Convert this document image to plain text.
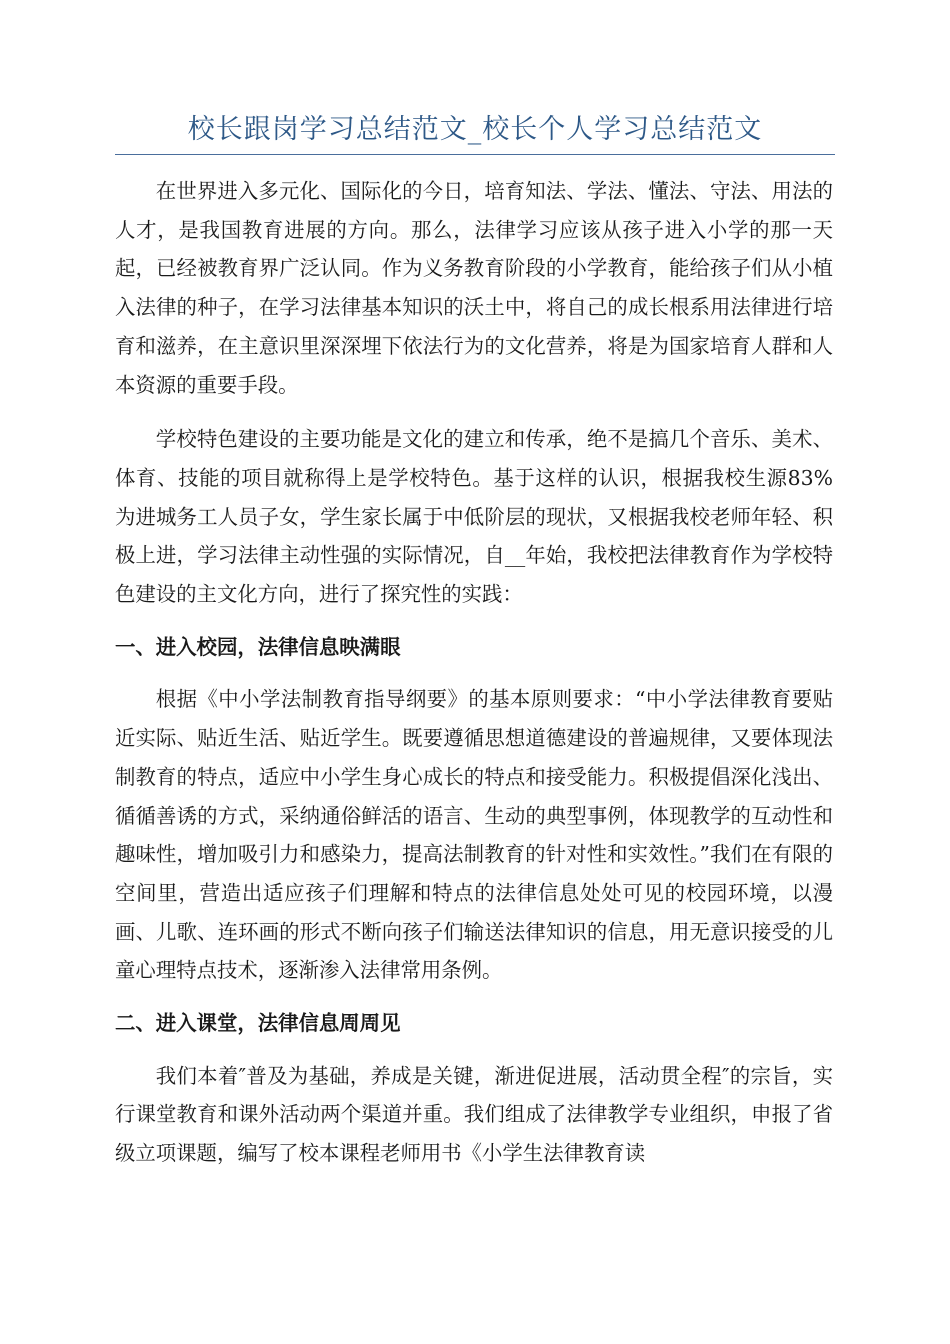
校长跟岗学习总结范文_校长个人学习总结范文

在世界进入多元化、国际化的今日，培育知法、学法、懂法、守法、用法的人才，是我国教育进展的方向。那么，法律学习应该从孩子进入小学的那一天起，已经被教育界广泛认同。作为义务教育阶段的小学教育，能给孩子们从小植入法律的种子，在学习法律基本知识的沃土中，将自己的成长根系用法律进行培育和滋养，在主意识里深深埋下依法行为的文化营养，将是为国家培育人群和人本资源的重要手段。

学校特色建设的主要功能是文化的建立和传承，绝不是搞几个音乐、美术、体育、技能的项目就称得上是学校特色。基于这样的认识，根据我校生源83%为进城务工人员子女，学生家长属于中低阶层的现状，又根据我校老师年轻、积极上进，学习法律主动性强的实际情况，自__年始，我校把法律教育作为学校特色建设的主文化方向，进行了探究性的实践：

一、进入校园，法律信息映满眼

根据《中小学法制教育指导纲要》的基本原则要求：“中小学法律教育要贴近实际、贴近生活、贴近学生。既要遵循思想道德建设的普遍规律，又要体现法制教育的特点，适应中小学生身心成长的特点和接受能力。积极提倡深化浅出、循循善诱的方式，采纳通俗鲜活的语言、生动的典型事例，体现教学的互动性和趣味性，增加吸引力和感染力，提高法制教育的针对性和实效性。”我们在有限的空间里，营造出适应孩子们理解和特点的法律信息处处可见的校园环境，以漫画、儿歌、连环画的形式不断向孩子们输送法律知识的信息，用无意识接受的儿童心理特点技术，逐渐渗入法律常用条例。

二、进入课堂，法律信息周周见

我们本着″普及为基础，养成是关键，渐进促进展，活动贯全程″的宗旨，实行课堂教育和课外活动两个渠道并重。我们组成了法律教学专业组织，申报了省级立项课题，编写了校本课程老师用书《小学生法律教育读
